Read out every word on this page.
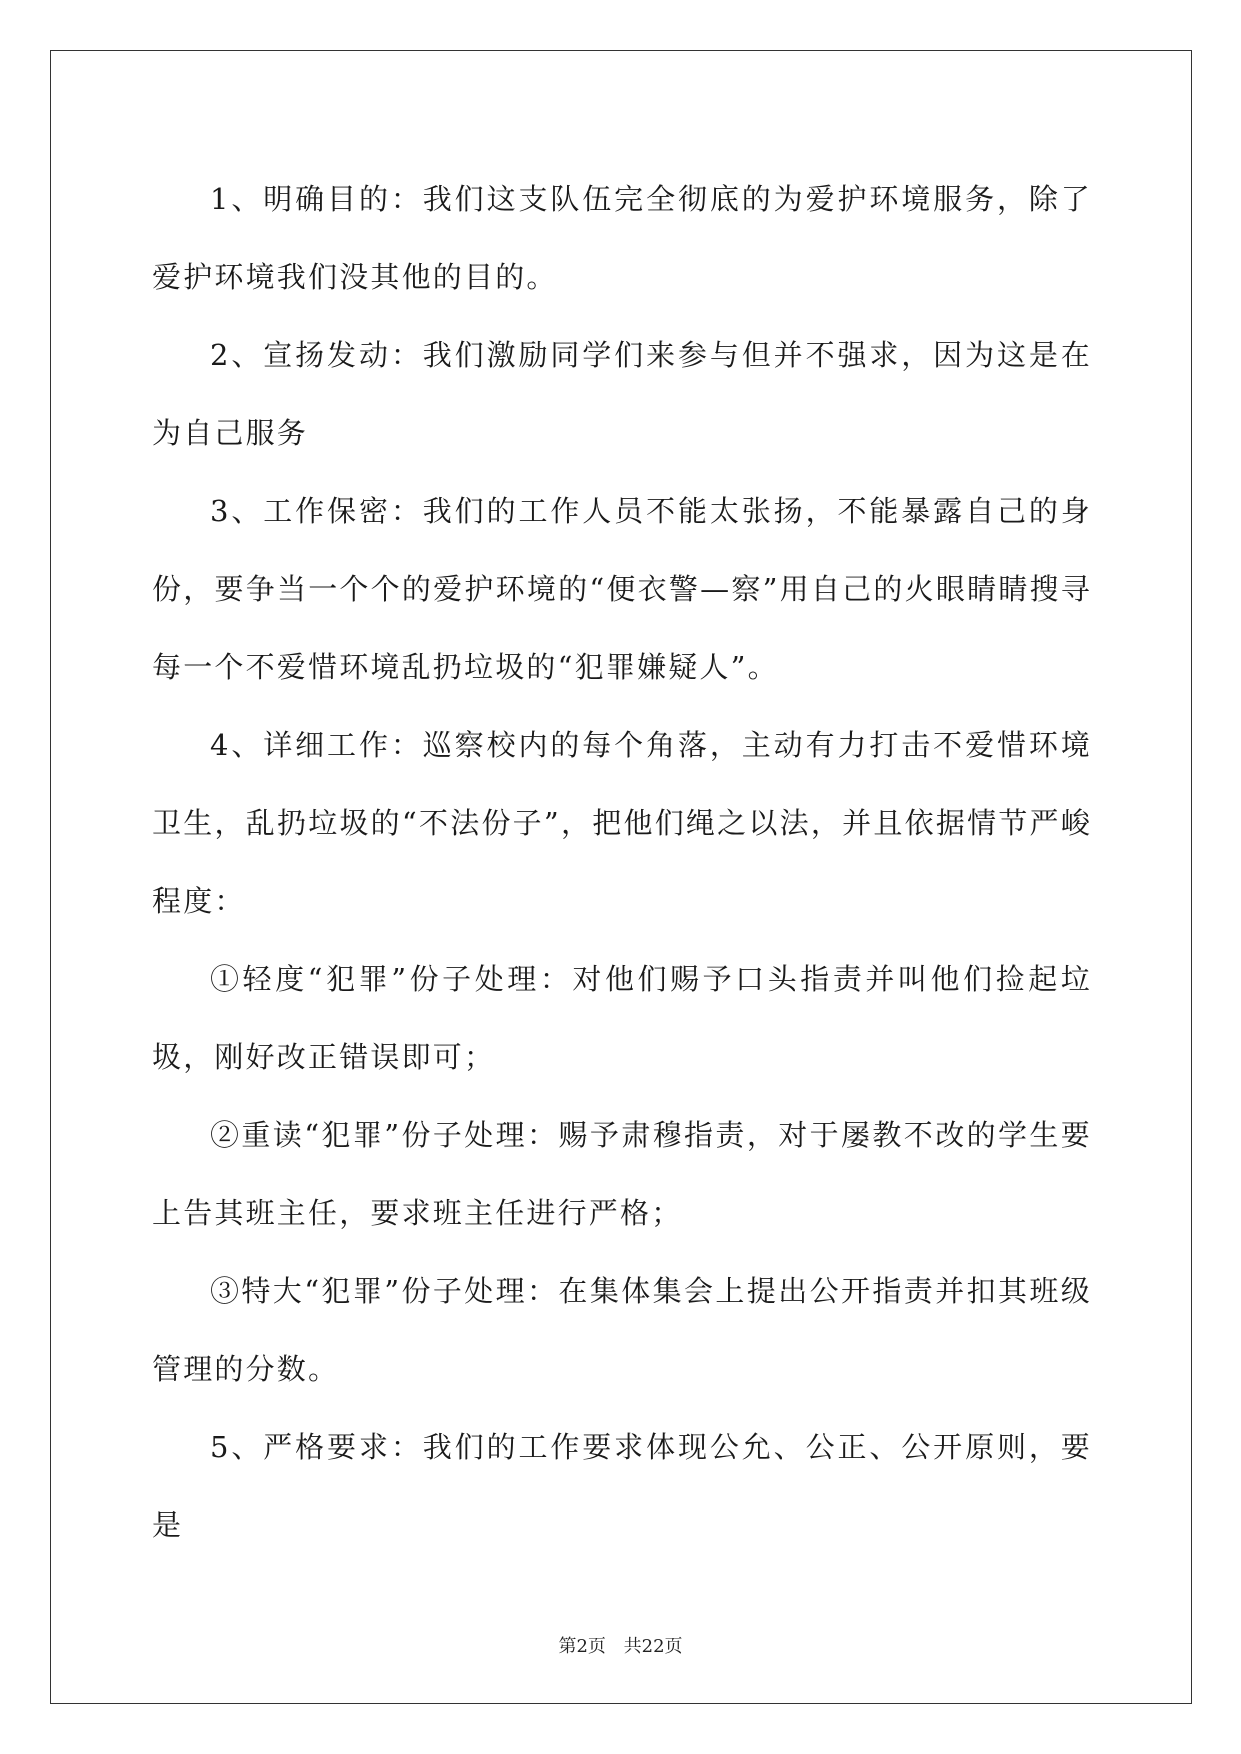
1、明确目的：我们这支队伍完全彻底的为爱护环境服务，除了爱护环境我们没其他的目的。

2、宣扬发动：我们激励同学们来参与但并不强求，因为这是在为自己服务

3、工作保密：我们的工作人员不能太张扬，不能暴露自己的身份，要争当一个个的爱护环境的“便衣警—察”用自己的火眼睛睛搜寻每一个不爱惜环境乱扔垃圾的“犯罪嫌疑人”。

4、详细工作：巡察校内的每个角落，主动有力打击不爱惜环境卫生，乱扔垃圾的“不法份子”，把他们绳之以法，并且依据情节严峻程度：

①轻度“犯罪”份子处理：对他们赐予口头指责并叫他们捡起垃圾，刚好改正错误即可；

②重读“犯罪”份子处理：赐予肃穆指责，对于屡教不改的学生要上告其班主任，要求班主任进行严格；

③特大“犯罪”份子处理：在集体集会上提出公开指责并扣其班级管理的分数。

5、严格要求：我们的工作要求体现公允、公正、公开原则，要是

第2页 共22页
